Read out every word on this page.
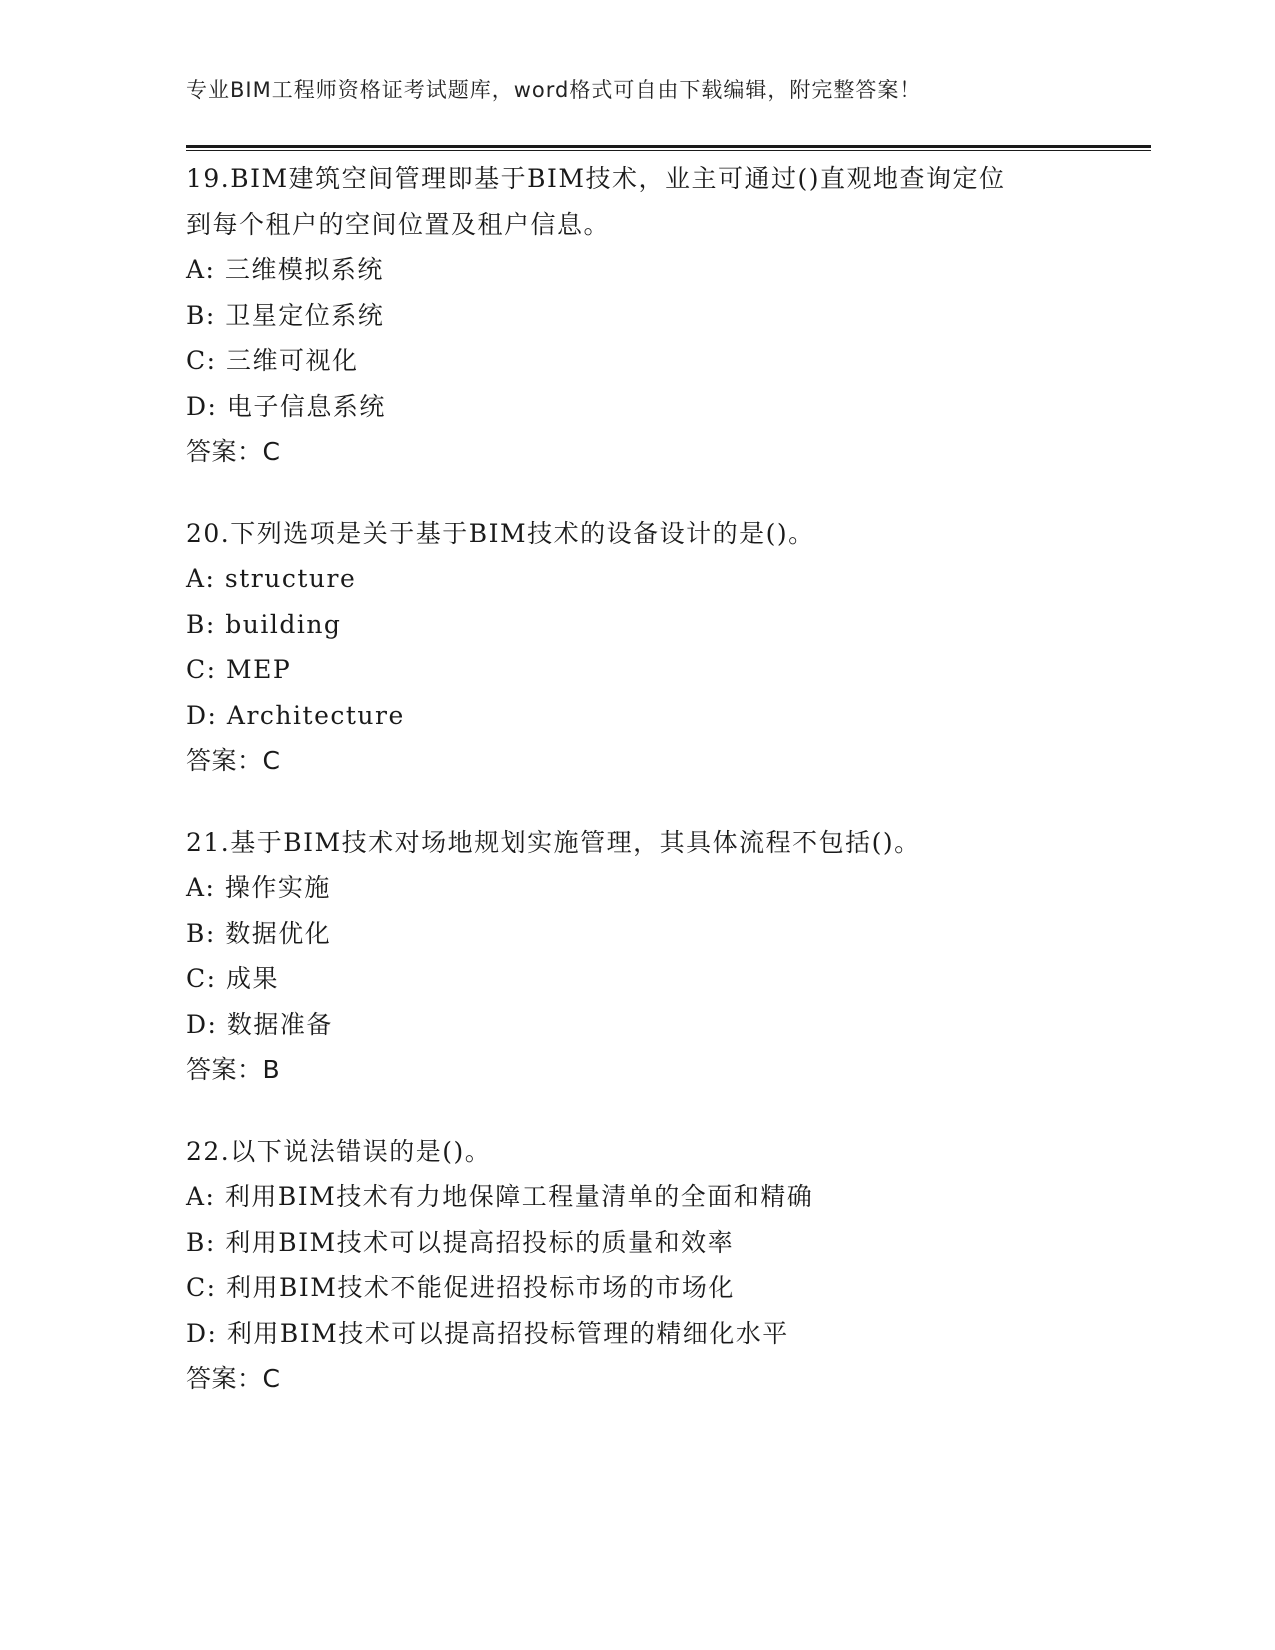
专业BIM工程师资格证考试题库，word格式可自由下载编辑，附完整答案！
19.BIM建筑空间管理即基于BIM技术，业主可通过()直观地查询定位
到每个租户的空间位置及租户信息。
A: 三维模拟系统
B: 卫星定位系统
C: 三维可视化
D: 电子信息系统
答案：C
20.下列选项是关于基于BIM技术的设备设计的是()。
A: structure
B: building
C: MEP
D: Architecture
答案：C
21.基于BIM技术对场地规划实施管理，其具体流程不包括()。
A: 操作实施
B: 数据优化
C: 成果
D: 数据准备
答案：B
22.以下说法错误的是()。
A: 利用BIM技术有力地保障工程量清单的全面和精确
B: 利用BIM技术可以提高招投标的质量和效率
C: 利用BIM技术不能促进招投标市场的市场化
D: 利用BIM技术可以提高招投标管理的精细化水平
答案：C
